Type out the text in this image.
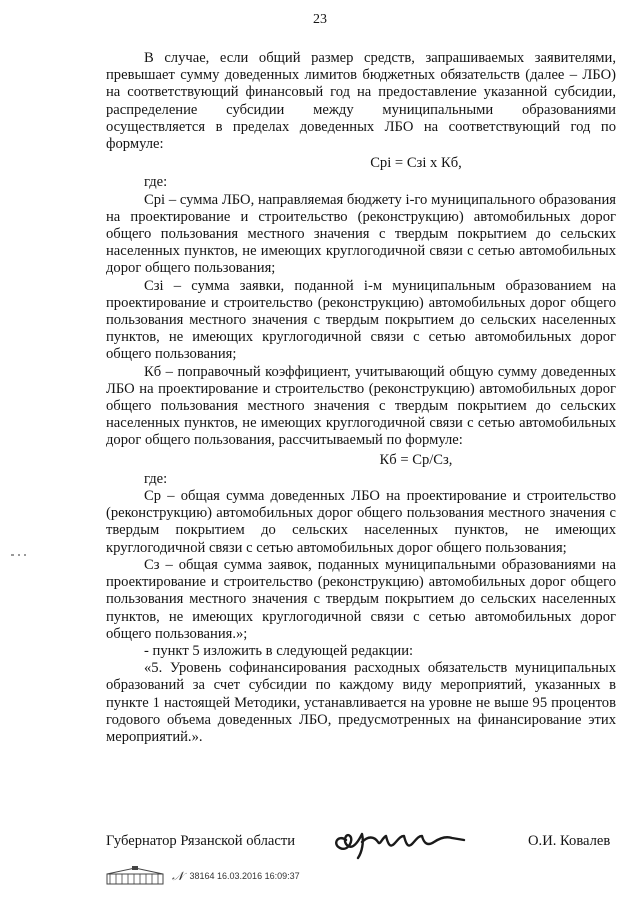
23

В случае, если общий размер средств, запрашиваемых заявителями, превышает сумму доведенных лимитов бюджетных обязательств (далее – ЛБО) на соответствующий финансовый год на предоставление указанной субсидии, распределение субсидии между муниципальными образованиями осуществляется в пределах доведенных ЛБО на соответствующий год по формуле:

Срі = Сзі х Кб,

где:

Срі – сумма ЛБО, направляемая бюджету і-го муниципального образования на проектирование и строительство (реконструкцию) автомобильных дорог общего пользования местного значения с твердым покрытием до сельских населенных пунктов, не имеющих круглогодичной связи с сетью автомобильных дорог общего пользования;

Сзі – сумма заявки, поданной і-м муниципальным образованием на проектирование и строительство (реконструкцию) автомобильных дорог общего пользования местного значения с твердым покрытием до сельских населенных пунктов, не имеющих круглогодичной связи с сетью автомобильных дорог общего пользования;

Кб – поправочный коэффициент, учитывающий общую сумму доведенных ЛБО на проектирование и строительство (реконструкцию) автомобильных дорог общего пользования местного значения с твердым покрытием до сельских населенных пунктов, не имеющих круглогодичной связи с сетью автомобильных дорог общего пользования, рассчитываемый по формуле:

Кб = Ср/Сз,

где:

Ср – общая сумма доведенных ЛБО на проектирование и строительство (реконструкцию) автомобильных дорог общего пользования местного значения с твердым покрытием до сельских населенных пунктов, не имеющих круглогодичной связи с сетью автомобильных дорог общего пользования;

Сз – общая сумма заявок, поданных муниципальными образованиями на проектирование и строительство (реконструкцию) автомобильных дорог общего пользования местного значения с твердым покрытием до сельских населенных пунктов, не имеющих круглогодичной связи с сетью автомобильных дорог общего пользования.»;

- пункт 5 изложить в следующей редакции:

«5. Уровень софинансирования расходных обязательств муниципальных образований за счет субсидии по каждому виду мероприятий, указанных в пункте 1 настоящей Методики, устанавливается на уровне не выше 95 процентов годового объема доведенных ЛБО, предусмотренных на финансирование этих мероприятий.».

Губернатор Рязанской области	О.И. Ковалев
𝒩 38164 16.03.2016 16:09:37
